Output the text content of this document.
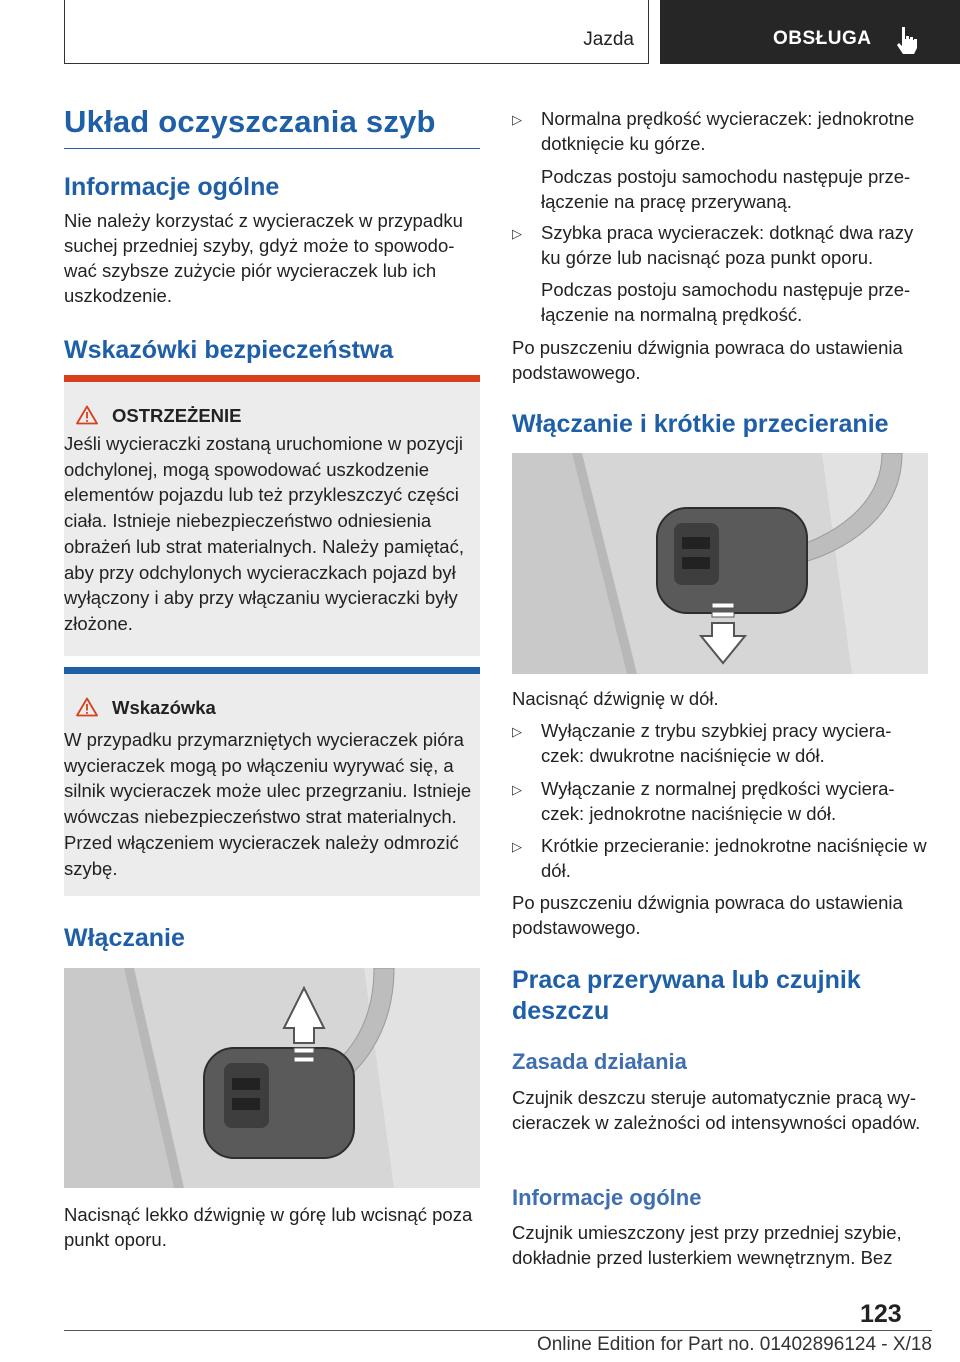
Jazda	OBSŁUGA
Układ oczyszczania szyb
Informacje ogólne
Nie należy korzystać z wycieraczek w przypadku suchej przedniej szyby, gdyż może to spowodować szybsze zużycie piór wycieraczek lub ich uszkodzenie.
Wskazówki bezpieczeństwa
OSTRZEŻENIE
Jeśli wycieraczki zostaną uruchomione w pozycji odchylonej, mogą spowodować uszkodzenie elementów pojazdu lub też przykleszczyć części ciała. Istnieje niebezpieczeństwo odniesienia obrażeń lub strat materialnych. Należy pamiętać, aby przy odchylonych wycieraczkach pojazd był wyłączony i aby przy włączaniu wycieraczki były złożone.
Wskazówka
W przypadku przymarzniętych wycieraczek pióra wycieraczek mogą po włączeniu wyrywać się, a silnik wycieraczek może ulec przegrzaniu. Istnieje wówczas niebezpieczeństwo strat materialnych. Przed włączeniem wycieraczek należy odmrozić szybę.
Włączanie
Nacisnąć lekko dźwignię w górę lub wcisnąć poza punkt oporu.
▷ Normalna prędkość wycieraczek: jednokrotne dotknięcie ku górze.
Podczas postoju samochodu następuje przełączenie na pracę przerywaną.
▷ Szybka praca wycieraczek: dotknąć dwa razy ku górze lub nacisnąć poza punkt oporu.
Podczas postoju samochodu następuje przełączenie na normalną prędkość.
Po puszczeniu dźwignia powraca do ustawienia podstawowego.
Włączanie i krótkie przecieranie
Nacisnąć dźwignię w dół.
▷ Wyłączanie z trybu szybkiej pracy wycieraczek: dwukrotne naciśnięcie w dół.
▷ Wyłączanie z normalnej prędkości wycieraczek: jednokrotne naciśnięcie w dół.
▷ Krótkie przecieranie: jednokrotne naciśnięcie w dół.
Po puszczeniu dźwignia powraca do ustawienia podstawowego.
Praca przerywana lub czujnik deszczu
Zasada działania
Czujnik deszczu steruje automatycznie pracą wycieraczek w zależności od intensywności opadów.
Informacje ogólne
Czujnik umieszczony jest przy przedniej szybie, dokładnie przed lusterkiem wewnętrznym. Bez
123
Online Edition for Part no. 01402896124 - X/18
